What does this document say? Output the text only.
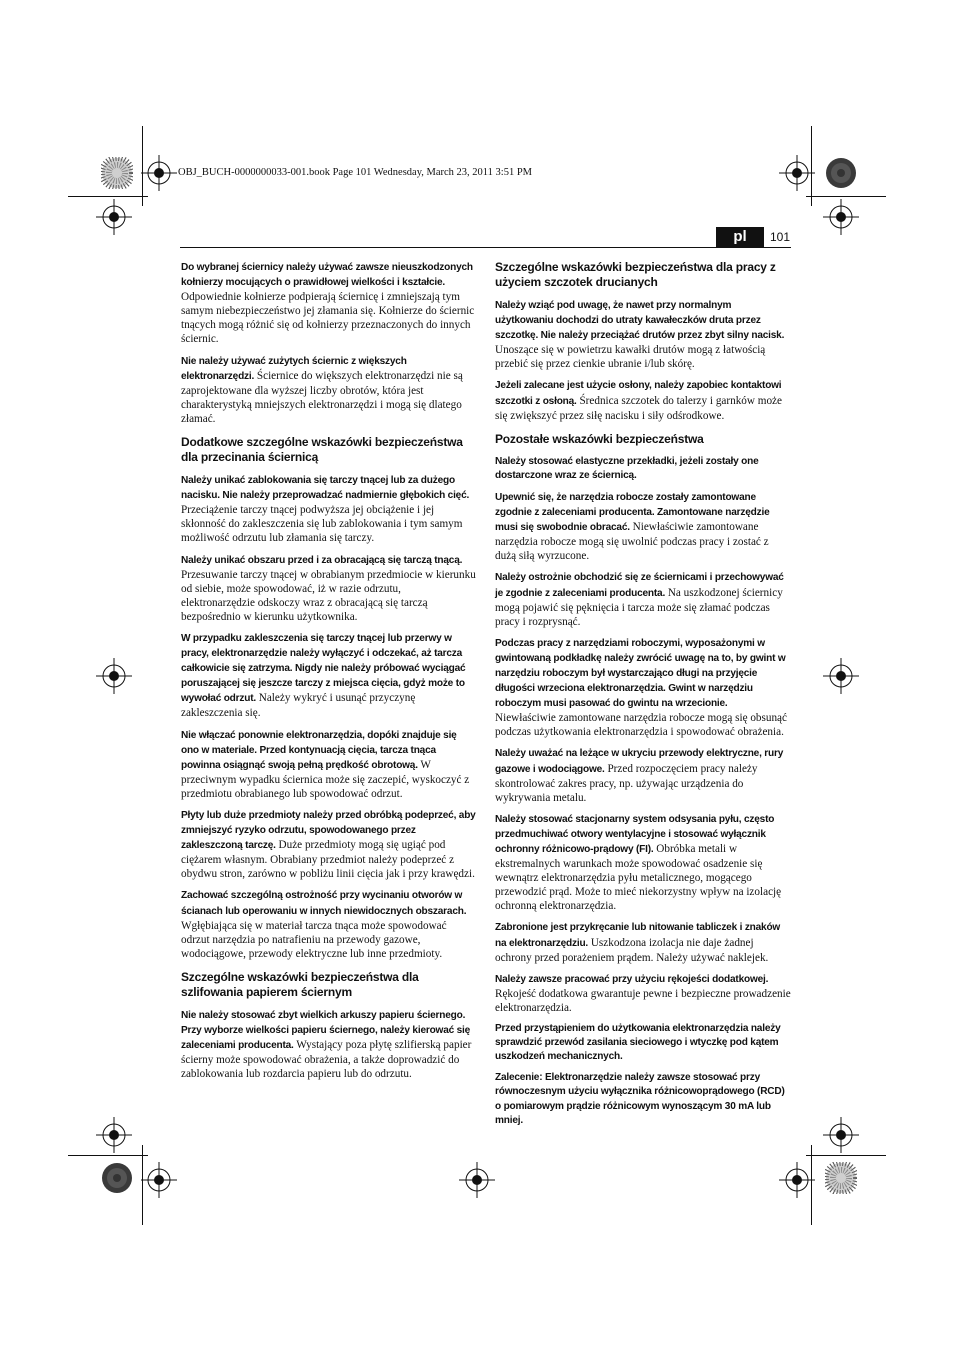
OBJ_BUCH-0000000033-001.book Page 101 Wednesday, March 23, 2011 3:51 PM
pl	101

Do wybranej ściernicy należy używać zawsze nieuszkodzonych kołnierzy mocujących o prawidłowej wielkości i kształcie. Odpowiednie kołnierze podpierają ściernicę i zmniejszają tym samym niebezpieczeństwo jej złamania się. Kołnierze do ściernic tnących mogą różnić się od kołnierzy przeznaczonych do innych ściernic.

Nie należy używać zużytych ściernic z większych elektronarzędzi. Ściernice do większych elektronarzędzi nie są zaprojektowane dla wyższej liczby obrotów, która jest charakterystyką mniejszych elektronarzędzi i mogą się dlatego złamać.

Dodatkowe szczególne wskazówki bezpieczeństwa dla przecinania ściernicą

Należy unikać zablokowania się tarczy tnącej lub za dużego nacisku. Nie należy przeprowadzać nadmiernie głębokich cięć. Przeciążenie tarczy tnącej podwyższa jej obciążenie i jej skłonność do zakleszczenia się lub zablokowania i tym samym możliwość odrzutu lub złamania się tarczy.

Należy unikać obszaru przed i za obracającą się tarczą tnącą. Przesuwanie tarczy tnącej w obrabianym przedmiocie w kierunku od siebie, może spowodować, iż w razie odrzutu, elektronarzędzie odskoczy wraz z obracającą się tarczą bezpośrednio w kierunku użytkownika.

W przypadku zakleszczenia się tarczy tnącej lub przerwy w pracy, elektronarzędzie należy wyłączyć i odczekać, aż tarcza całkowicie się zatrzyma. Nigdy nie należy próbować wyciągać poruszającej się jeszcze tarczy z miejsca cięcia, gdyż może to wywołać odrzut. Należy wykryć i usunąć przyczynę zakleszczenia się.

Nie włączać ponownie elektronarzędzia, dopóki znajduje się ono w materiale. Przed kontynuacją cięcia, tarcza tnąca powinna osiągnąć swoją pełną prędkość obrotową. W przeciwnym wypadku ściernica może się zaczepić, wyskoczyć z przedmiotu obrabianego lub spowodować odrzut.

Płyty lub duże przedmioty należy przed obróbką podeprzeć, aby zmniejszyć ryzyko odrzutu, spowodowanego przez zakleszczoną tarczę. Duże przedmioty mogą się ugiąć pod ciężarem własnym. Obrabiany przedmiot należy podeprzeć z obydwu stron, zarówno w pobliżu linii cięcia jak i przy krawędzi.

Zachować szczególną ostrożność przy wycinaniu otworów w ścianach lub operowaniu w innych niewidocznych obszarach. Wgłębiająca się w materiał tarcza tnąca może spowodować odrzut narzędzia po natrafieniu na przewody gazowe, wodociągowe, przewody elektryczne lub inne przedmioty.

Szczególne wskazówki bezpieczeństwa dla szlifowania papierem ściernym

Nie należy stosować zbyt wielkich arkuszy papieru ściernego. Przy wyborze wielkości papieru ściernego, należy kierować się zaleceniami producenta. Wystający poza płytę szlifierską papier ścierny może spowodować obrażenia, a także doprowadzić do zablokowania lub rozdarcia papieru lub do odrzutu.

Szczególne wskazówki bezpieczeństwa dla pracy z użyciem szczotek drucianych

Należy wziąć pod uwagę, że nawet przy normalnym użytkowaniu dochodzi do utraty kawałeczków druta przez szczotkę. Nie należy przeciążać drutów przez zbyt silny nacisk. Unoszące się w powietrzu kawałki drutów mogą z łatwością przebić się przez cienkie ubranie i/lub skórę.

Jeżeli zalecane jest użycie osłony, należy zapobiec kontaktowi szczotki z osłoną. Średnica szczotek do talerzy i garnków może się zwiększyć przez siłę nacisku i siły odśrodkowe.

Pozostałe wskazówki bezpieczeństwa

Należy stosować elastyczne przekładki, jeżeli zostały one dostarczone wraz ze ściernicą.

Upewnić się, że narzędzia robocze zostały zamontowane zgodnie z zaleceniami producenta. Zamontowane narzędzie musi się swobodnie obracać. Niewłaściwie zamontowane narzędzia robocze mogą się uwolnić podczas pracy i zostać z dużą siłą wyrzucone.

Należy ostrożnie obchodzić się ze ściernicami i przechowywać je zgodnie z zaleceniami producenta. Na uszkodzonej ściernicy mogą pojawić się pęknięcia i tarcza może się złamać podczas pracy i rozprysnąć.

Podczas pracy z narzędziami roboczymi, wyposażonymi w gwintowaną podkładkę należy zwrócić uwagę na to, by gwint w narzędziu roboczym był wystarczająco długi na przyjęcie długości wrzeciona elektronarzędzia. Gwint w narzędziu roboczym musi pasować do gwintu na wrzecionie. Niewłaściwie zamontowane narzędzia robocze mogą się obsunąć podczas użytkowania elektronarzędzia i spowodować obrażenia.

Należy uważać na leżące w ukryciu przewody elektryczne, rury gazowe i wodociągowe. Przed rozpoczęciem pracy należy skontrolować zakres pracy, np. używając urządzenia do wykrywania metalu.

Należy stosować stacjonarny system odsysania pyłu, często przedmuchiwać otwory wentylacyjne i stosować wyłącznik ochronny różnicowo-prądowy (FI). Obróbka metali w ekstremalnych warunkach może spowodować osadzenie się wewnątrz elektronarzędzia pyłu metalicznego, mogącego przewodzić prąd. Może to mieć niekorzystny wpływ na izolację ochronną elektronarzędzia.

Zabronione jest przykręcanie lub nitowanie tabliczek i znaków na elektronarzędziu. Uszkodzona izolacja nie daje żadnej ochrony przed porażeniem prądem. Należy używać naklejek.

Należy zawsze pracować przy użyciu rękojeści dodatkowej. Rękojeść dodatkowa gwarantuje pewne i bezpieczne prowadzenie elektronarzędzia.

Przed przystąpieniem do użytkowania elektronarzędzia należy sprawdzić przewód zasilania sieciowego i wtyczkę pod kątem uszkodzeń mechanicznych.

Zalecenie: Elektronarzędzie należy zawsze stosować przy równoczesnym użyciu wyłącznika różnicowoprądowego (RCD) o pomiarowym prądzie różnicowym wynoszącym 30 mA lub mniej.
